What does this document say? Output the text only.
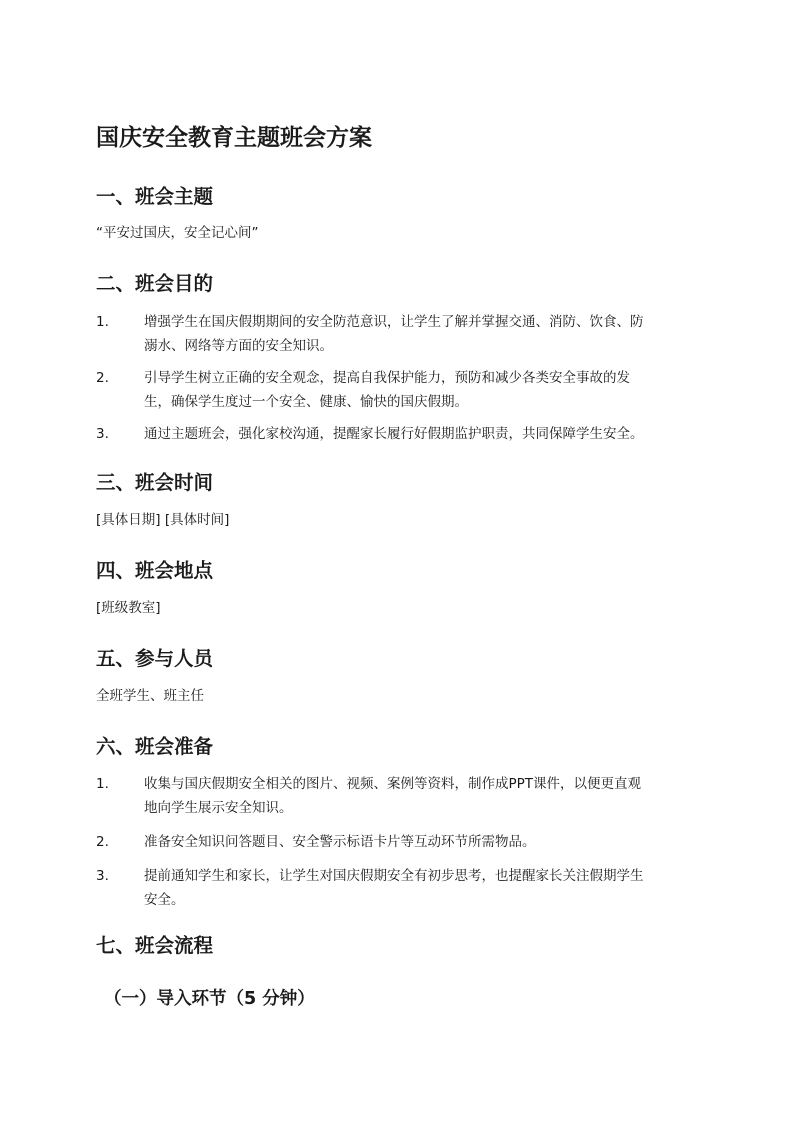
国庆安全教育主题班会方案
一、班会主题

“平安过国庆，安全记心间”

二、班会目的
1.	增强学生在国庆假期期间的安全防范意识，让学生了解并掌握交通、消防、饮食、防
溺水、网络等方面的安全知识。
2.	引导学生树立正确的安全观念，提高自我保护能力，预防和减少各类安全事故的发
生，确保学生度过一个安全、健康、愉快的国庆假期。
3.	通过主题班会，强化家校沟通，提醒家长履行好假期监护职责，共同保障学生安全。
三、班会时间

[具体日期] [具体时间]

四、班会地点

[班级教室]

五、参与人员

全班学生、班主任

六、班会准备
1.	收集与国庆假期安全相关的图片、视频、案例等资料，制作成PPT课件，以便更直观
地向学生展示安全知识。
2.	准备安全知识问答题目、安全警示标语卡片等互动环节所需物品。
3.	提前通知学生和家长，让学生对国庆假期安全有初步思考，也提醒家长关注假期学生
安全。
七、班会流程
（一）导入环节（5 分钟）
